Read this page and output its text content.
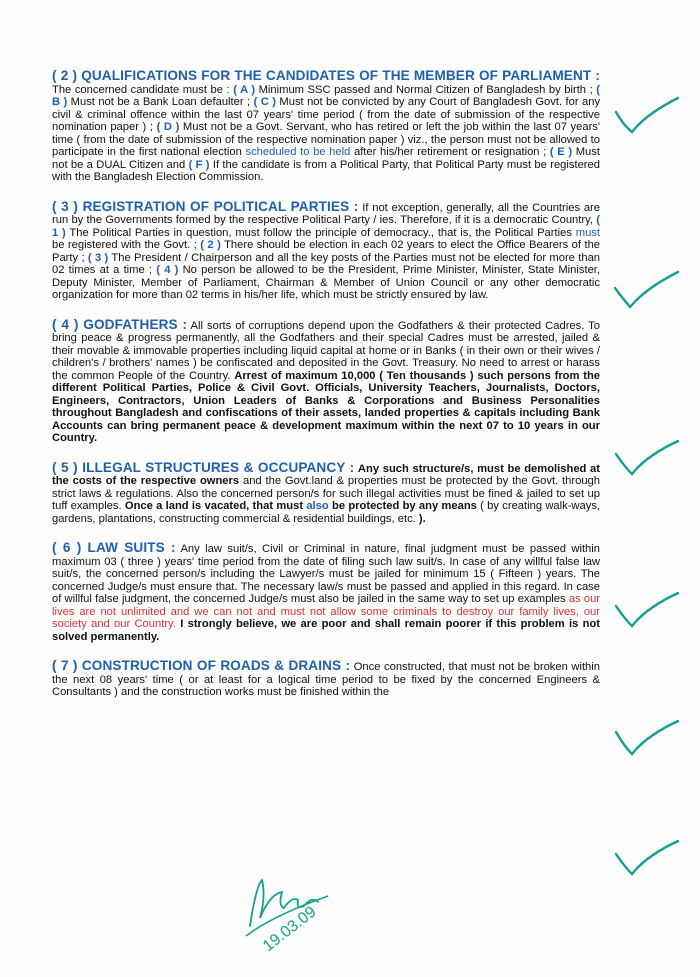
( 2 ) QUALIFICATIONS FOR THE CANDIDATES OF THE MEMBER OF PARLIAMENT : The concerned candidate must be : ( A ) Minimum SSC passed and Normal Citizen of Bangladesh by birth ; ( B ) Must not be a Bank Loan defaulter ; ( C ) Must not be convicted by any Court of Bangladesh Govt. for any civil & criminal offence within the last 07 years' time period ( from the date of submission of the respective nomination paper ) ; ( D ) Must not be a Govt. Servant, who has retired or left the job within the last 07 years' time ( from the date of submission of the respective nomination paper ) viz., the person must not be allowed to participate in the first national election scheduled to be held after his/her retirement or resignation ; ( E ) Must not be a DUAL Citizen and ( F ) If the candidate is from a Political Party, that Political Party must be registered with the Bangladesh Election Commission.

( 3 ) REGISTRATION OF POLITICAL PARTIES : If not exception, generally, all the Countries are run by the Governments formed by the respective Political Party / ies. Therefore, if it is a democratic Country, ( 1 ) The Political Parties in question, must follow the principle of democracy., that is, the Political Parties must be registered with the Govt. ; ( 2 ) There should be election in each 02 years to elect the Office Bearers of the Party ; ( 3 ) The President / Chairperson and all the key posts of the Parties must not be elected for more than 02 times at a time ; ( 4 ) No person be allowed to be the President, Prime Minister, Minister, State Minister, Deputy Minister, Member of Parliament, Chairman & Member of Union Council or any other democratic organization for more than 02 terms in his/her life, which must be strictly ensured by law.

( 4 ) GODFATHERS : All sorts of corruptions depend upon the Godfathers & their protected Cadres. To bring peace & progress permanently, all the Godfathers and their special Cadres must be arrested, jailed & their movable & immovable properties including liquid capital at home or in Banks ( in their own or their wives / children's / brothers' names ) be confiscated and deposited in the Govt. Treasury. No need to arrest or harass the common People of the Country. Arrest of maximum 10,000 ( Ten thousands ) such persons from the different Political Parties, Police & Civil Govt. Officials, University Teachers, Journalists, Doctors, Engineers, Contractors, Union Leaders of Banks & Corporations and Business Personalities throughout Bangladesh and confiscations of their assets, landed properties & capitals including Bank Accounts can bring permanent peace & development maximum within the next 07 to 10 years in our Country.

( 5 ) ILLEGAL STRUCTURES & OCCUPANCY : Any such structure/s, must be demolished at the costs of the respective owners and the Govt.land & properties must be protected by the Govt. through strict laws & regulations. Also the concerned person/s for such illegal activities must be fined & jailed to set up tuff examples. Once a land is vacated, that must also be protected by any means ( by creating walk-ways, gardens, plantations, constructing commercial & residential buildings, etc. ).

( 6 ) LAW SUITS : Any law suit/s, Civil or Criminal in nature, final judgment must be passed within maximum 03 ( three ) years' time period from the date of filing such law suit/s. In case of any willful false law suit/s, the concerned person/s including the Lawyer/s must be jailed for minimum 15 ( Fifteen ) years. The concerned Judge/s must ensure that. The necessary law/s must be passed and applied in this regard. In case of willful false judgment, the concerned Judge/s must also be jailed in the same way to set up examples as our lives are not unlimited and we can not and must not allow some criminals to destroy our family lives, our society and our Country. I strongly believe, we are poor and shall remain poorer if this problem is not solved permanently.

( 7 ) CONSTRUCTION OF ROADS & DRAINS : Once constructed, that must not be broken within the next 08 years' time ( or at least for a logical time period to be fixed by the concerned Engineers & Consultants ) and the construction works must be finished within the

19.03.09
